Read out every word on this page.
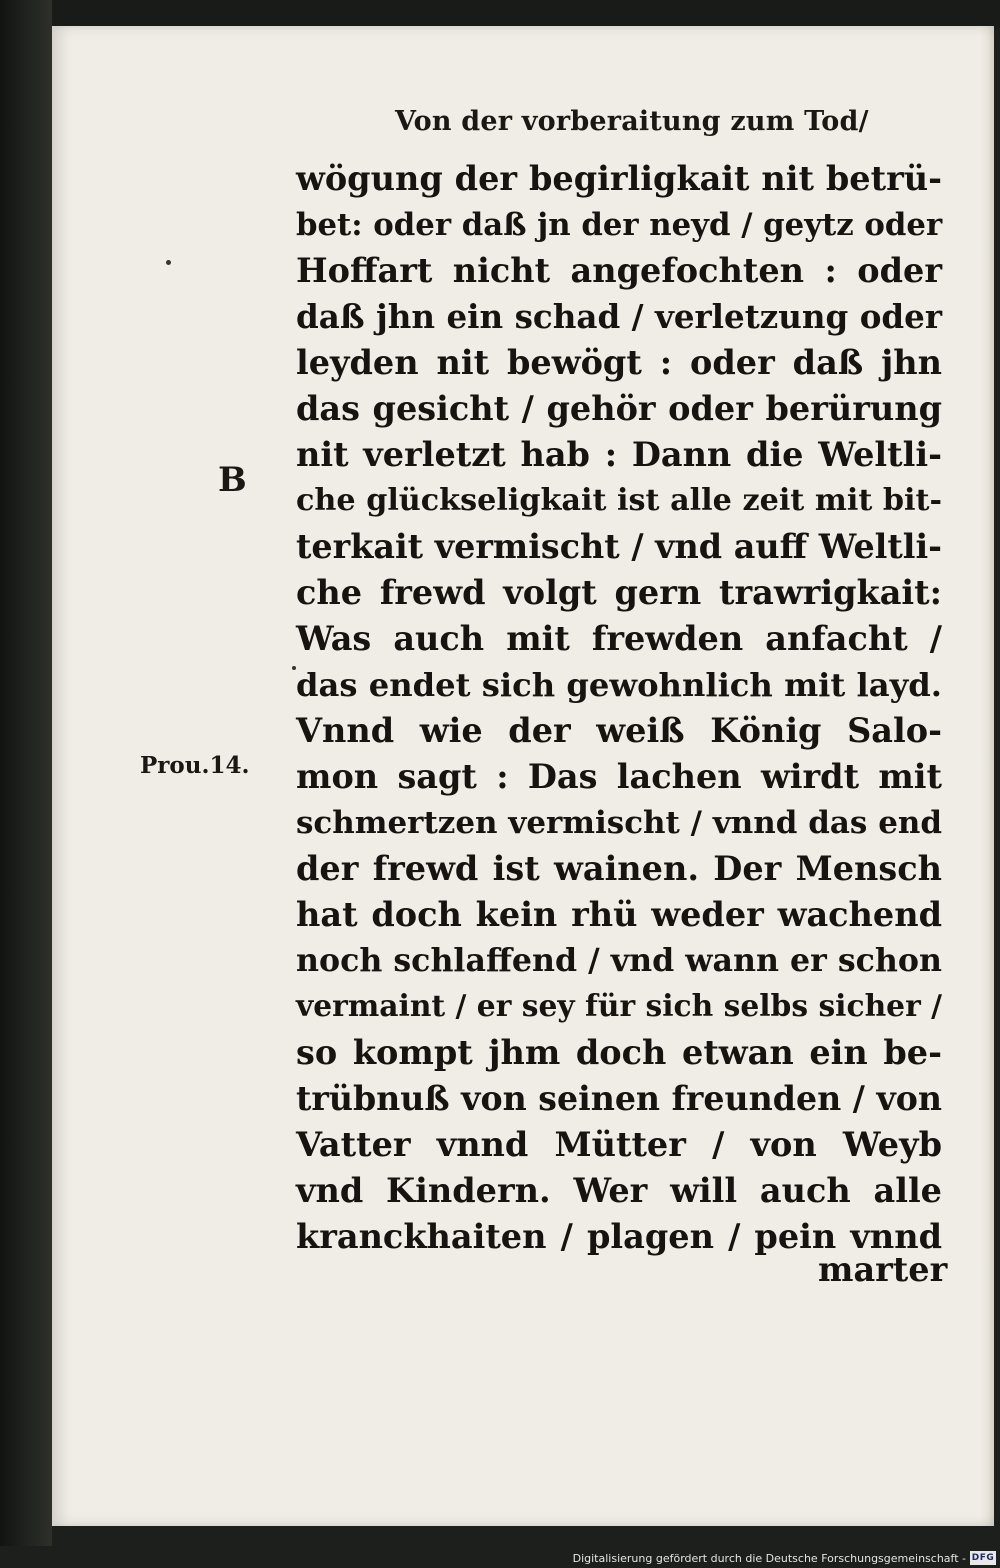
Von der vorberaitung zum Tod/
B
Prou.14.
wögung der begirligkait nit betrü-
bet: oder daß jn der neyd / geytz oder
Hoffart nicht angefochten : oder
daß jhn ein schad / verletzung oder
leyden nit bewögt : oder daß jhn
das gesicht / gehör oder berürung
nit verletzt hab : Dann die Weltli-
che glückseligkait ist alle zeit mit bit-
terkait vermischt / vnd auff Weltli-
che frewd volgt gern trawrigkait:
Was auch mit frewden anfacht /
das endet sich gewohnlich mit layd.
Vnnd wie der weiß König Salo-
mon sagt : Das lachen wirdt mit
schmertzen vermischt / vnnd das end
der frewd ist wainen. Der Mensch
hat doch kein rhü weder wachend
noch schlaffend / vnd wann er schon
vermaint / er sey für sich selbs sicher /
so kompt jhm doch etwan ein be-
trübnuß von seinen freunden / von
Vatter vnnd Mütter / von Weyb
vnd Kindern. Wer will auch alle
kranckhaiten / plagen / pein vnnd
marter
Digitalisierung gefördert durch die Deutsche Forschungsgemeinschaft - DFG
